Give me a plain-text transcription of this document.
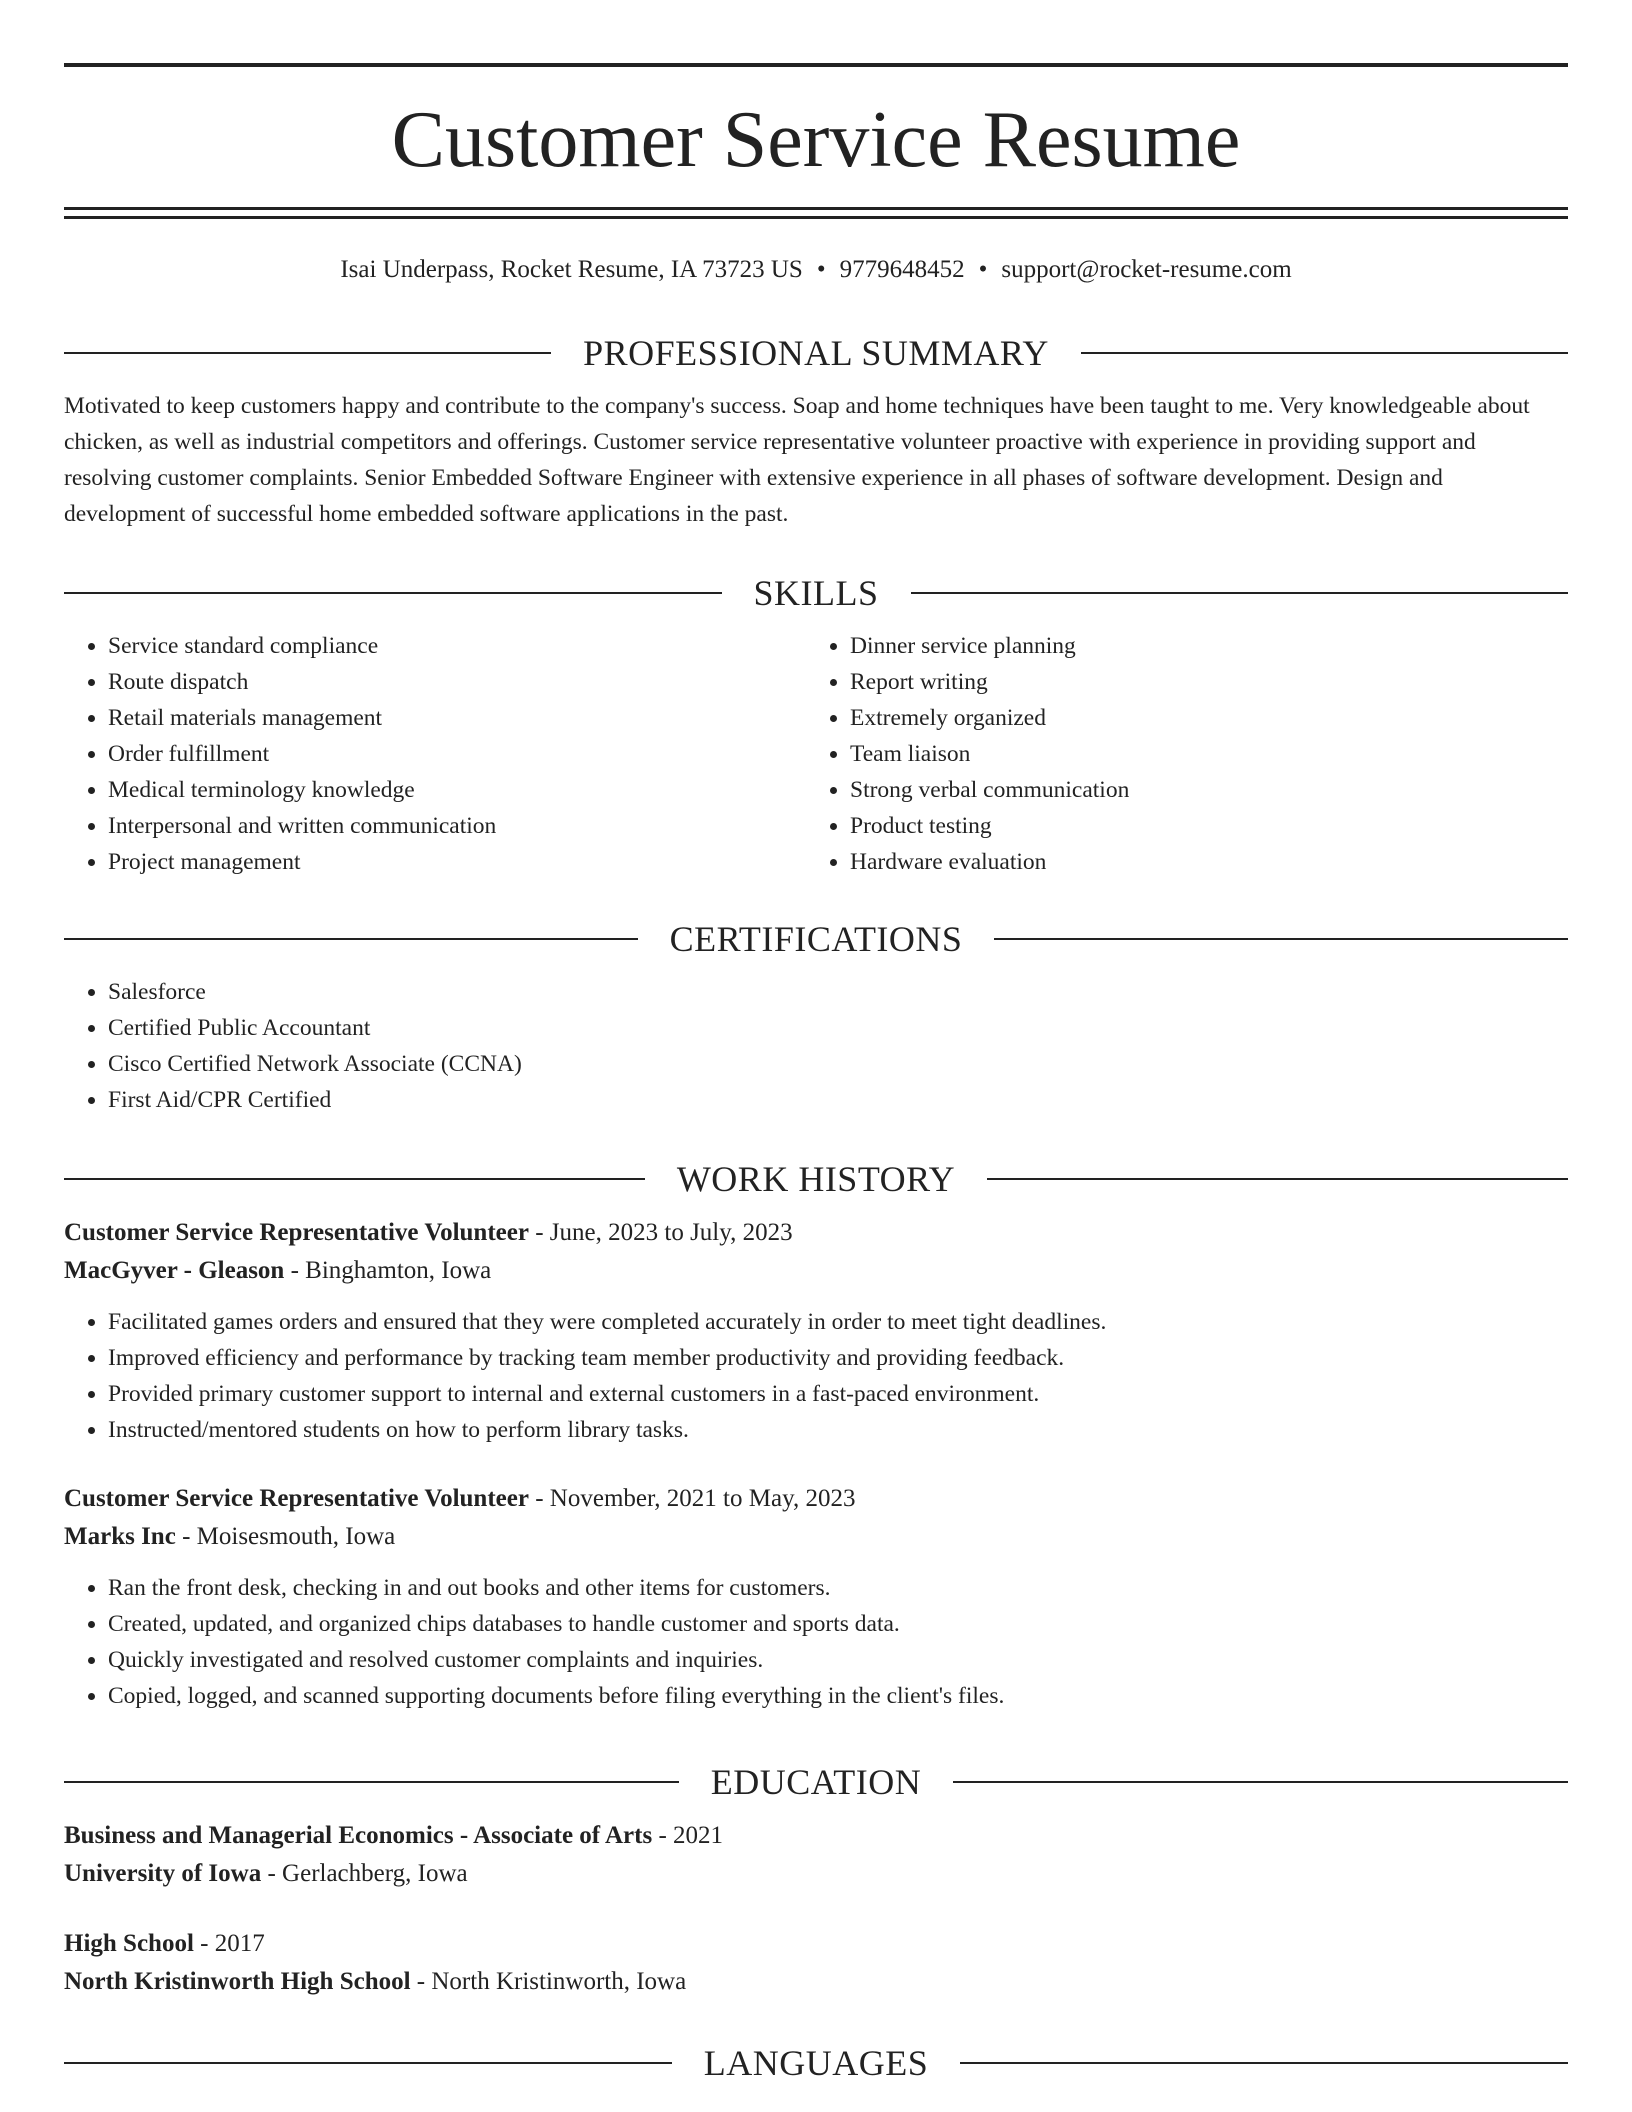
Customer Service Resume
Isai Underpass, Rocket Resume, IA 73723 US • 9779648452 • support@rocket-resume.com
PROFESSIONAL SUMMARY

Motivated to keep customers happy and contribute to the company's success. Soap and home techniques have been taught to me. Very knowledgeable about chicken, as well as industrial competitors and offerings. Customer service representative volunteer proactive with experience in providing support and resolving customer complaints. Senior Embedded Software Engineer with extensive experience in all phases of software development. Design and development of successful home embedded software applications in the past.

SKILLS
• Service standard compliance
• Route dispatch
• Retail materials management
• Order fulfillment
• Medical terminology knowledge
• Interpersonal and written communication
• Project management
• Dinner service planning
• Report writing
• Extremely organized
• Team liaison
• Strong verbal communication
• Product testing
• Hardware evaluation
CERTIFICATIONS
• Salesforce
• Certified Public Accountant
• Cisco Certified Network Associate (CCNA)
• First Aid/CPR Certified
WORK HISTORY
Customer Service Representative Volunteer - June, 2023 to July, 2023
MacGyver - Gleason - Binghamton, Iowa
• Facilitated games orders and ensured that they were completed accurately in order to meet tight deadlines.
• Improved efficiency and performance by tracking team member productivity and providing feedback.
• Provided primary customer support to internal and external customers in a fast-paced environment.
• Instructed/mentored students on how to perform library tasks.
Customer Service Representative Volunteer - November, 2021 to May, 2023
Marks Inc - Moisesmouth, Iowa
• Ran the front desk, checking in and out books and other items for customers.
• Created, updated, and organized chips databases to handle customer and sports data.
• Quickly investigated and resolved customer complaints and inquiries.
• Copied, logged, and scanned supporting documents before filing everything in the client's files.
EDUCATION
Business and Managerial Economics - Associate of Arts - 2021
University of Iowa - Gerlachberg, Iowa
High School - 2017
North Kristinworth High School - North Kristinworth, Iowa
LANGUAGES
